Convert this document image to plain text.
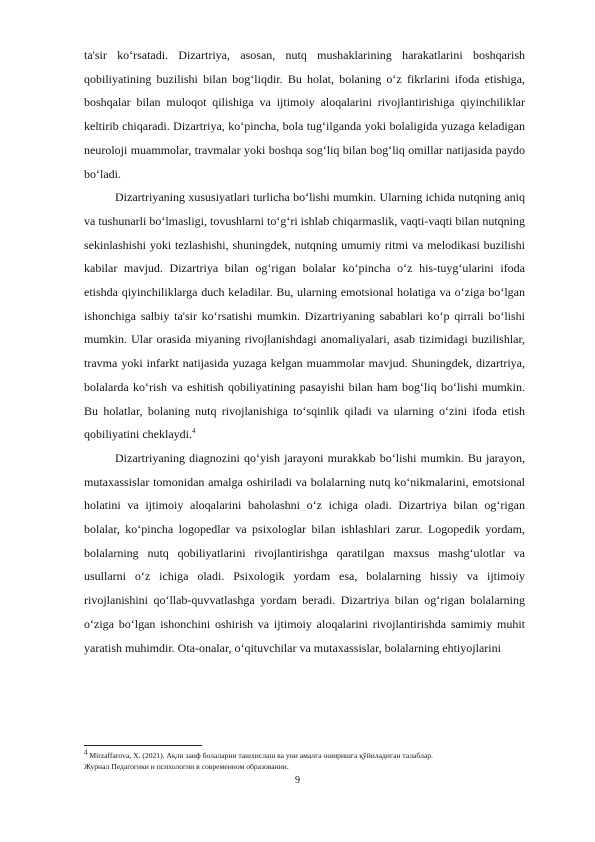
ta'sir ko‘rsatadi. Dizartriya, asosan, nutq mushaklarining harakatlarini boshqarish qobiliyatining buzilishi bilan bog‘liqdir. Bu holat, bolaning o‘z fikrlarini ifoda etishiga, boshqalar bilan muloqot qilishiga va ijtimoiy aloqalarini rivojlantirishiga qiyinchiliklar keltirib chiqaradi. Dizartriya, ko‘pincha, bola tug‘ilganda yoki bolaligida yuzaga keladigan neuroloji muammolar, travmalar yoki boshqa sog‘liq bilan bog‘liq omillar natijasida paydo bo‘ladi.

Dizartriyaning xususiyatlari turlicha bo‘lishi mumkin. Ularning ichida nutqning aniq va tushunarli bo‘lmasligi, tovushlarni to‘g‘ri ishlab chiqarmaslik, vaqti-vaqti bilan nutqning sekinlashishi yoki tezlashishi, shuningdek, nutqning umumiy ritmi va melodikasi buzilishi kabilar mavjud. Dizartriya bilan og‘rigan bolalar ko‘pincha o‘z his-tuyg‘ularini ifoda etishda qiyinchiliklarga duch keladilar. Bu, ularning emotsional holatiga va o‘ziga bo‘lgan ishonchiga salbiy ta'sir ko‘rsatishi mumkin. Dizartriyaning sabablari ko‘p qirrali bo‘lishi mumkin. Ular orasida miyaning rivojlanishdagi anomaliyalari, asab tizimidagi buzilishlar, travma yoki infarkt natijasida yuzaga kelgan muammolar mavjud. Shuningdek, dizartriya, bolalarda ko‘rish va eshitish qobiliyatining pasayishi bilan ham bog‘liq bo‘lishi mumkin. Bu holatlar, bolaning nutq rivojlanishiga to‘sqinlik qiladi va ularning o‘zini ifoda etish qobiliyatini cheklaydi.$^4$

Dizartriyaning diagnozini qo‘yish jarayoni murakkab bo‘lishi mumkin. Bu jarayon, mutaxassislar tomonidan amalga oshiriladi va bolalarning nutq ko‘nikmalarini, emotsional holatini va ijtimoiy aloqalarini baholashni o‘z ichiga oladi. Dizartriya bilan og‘rigan bolalar, ko‘pincha logopedlar va psixologlar bilan ishlashlari zarur. Logopedik yordam, bolalarning nutq qobiliyatlarini rivojlantirishga qaratilgan maxsus mashg‘ulotlar va usullarni o‘z ichiga oladi. Psixologik yordam esa, bolalarning hissiy va ijtimoiy rivojlanishini qo‘llab-quvvatlashga yordam beradi. Dizartriya bilan og‘rigan bolalarning o‘ziga bo‘lgan ishonchini oshirish va ijtimoiy aloqalarini rivojlantirishda samimiy muhit yaratish muhimdir. Ota-onalar, o‘qituvchilar va mutaxassislar, bolalarning ehtiyojlarini

$^4$ Mirzaffarova, X. (2021). Ақли заиф болаларни ташхислаш ва уни амалга оширишга қўйиладиган талаблар.

Журнал Педагогики и психологии в современном образовании.

9
